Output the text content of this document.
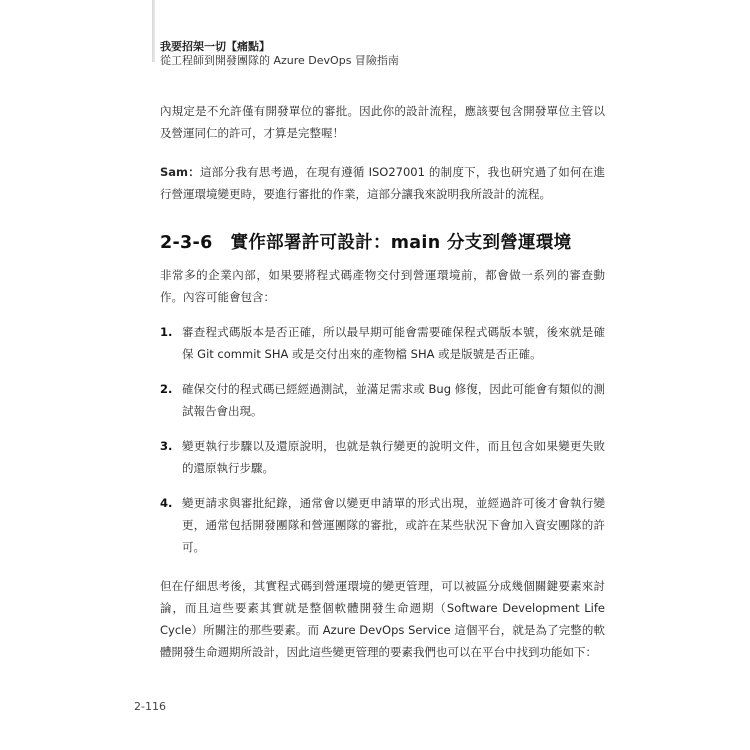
我要招架一切【痛點】
從工程師到開發團隊的 Azure DevOps 冒險指南

內規定是不允許僅有開發單位的審批。因此你的設計流程，應該要包含開發單位主管以及營運同仁的許可，才算是完整喔！

Sam：這部分我有思考過，在現有遵循 ISO27001 的制度下，我也研究過了如何在進行營運環境變更時，要進行審批的作業，這部分讓我來說明我所設計的流程。

2-3-6 實作部署許可設計：main 分支到營運環境

非常多的企業內部，如果要將程式碼產物交付到營運環境前，都會做一系列的審查動作。內容可能會包含：

1. 審查程式碼版本是否正確，所以最早期可能會需要確保程式碼版本號，後來就是確保 Git commit SHA 或是交付出來的產物檔 SHA 或是版號是否正確。
2. 確保交付的程式碼已經經過測試，並滿足需求或 Bug 修復，因此可能會有類似的測試報告會出現。
3. 變更執行步驟以及還原說明，也就是執行變更的說明文件，而且包含如果變更失敗的還原執行步驟。
4. 變更請求與審批紀錄，通常會以變更申請單的形式出現，並經過許可後才會執行變更，通常包括開發團隊和營運團隊的審批，或許在某些狀況下會加入資安團隊的許可。

但在仔細思考後，其實程式碼到營運環境的變更管理，可以被區分成幾個關鍵要素來討論，而且這些要素其實就是整個軟體開發生命週期（Software Development Life Cycle）所關注的那些要素。而 Azure DevOps Service 這個平台，就是為了完整的軟體開發生命週期所設計，因此這些變更管理的要素我們也可以在平台中找到功能如下：

2-116
